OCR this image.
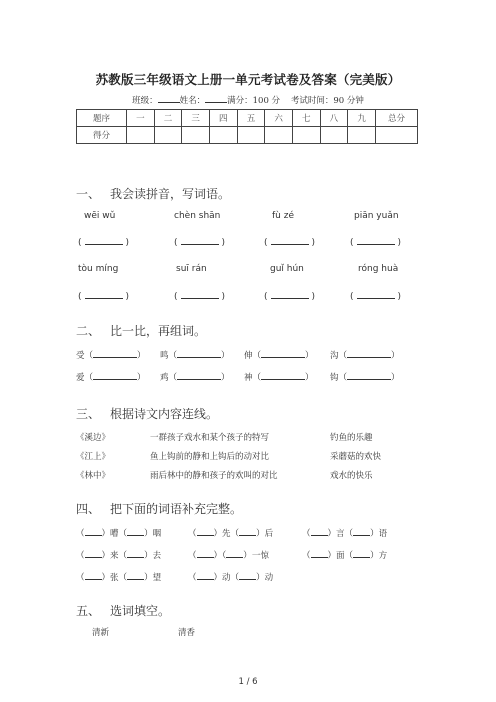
苏教版三年级语文上册一单元考试卷及答案（完美版）
班级：	姓名：	满分：100 分 考试时间：90 分钟
题序	一	二	三	四	五	六	七	八	九	总分
得分										
一、 我会读拼音，写词语。
wēi wǔ	chèn shān	fù zé	piān yuǎn
(	)	(	)	(	)	(	)
tòu míng	suī rán	guǐ hún	róng huà
(	)	(	)	(	)	(	)
二、 比一比，再组词。
受（	） 鸣（	） 伸（	） 沟（	）
爱（	） 鸡（	） 神（	） 钩（	）
三、 根据诗文内容连线。
《溪边》	一群孩子戏水和某个孩子的特写	钓鱼的乐趣
《江上》	鱼上钩前的静和上钩后的动对比	采蘑菇的欢快
《林中》	雨后林中的静和孩子的欢叫的对比	戏水的快乐
四、 把下面的词语补充完整。
（ ）嘈（ ）咽	（ ）先（ ）后	（ ）言（ ）语
（ ）来（ ）去	（ ）（ ）一惊	（ ）面（ ）方
（ ）张（ ）望	（ ）动（ ）动
五、 选词填空。
清新	清香
1 / 6
